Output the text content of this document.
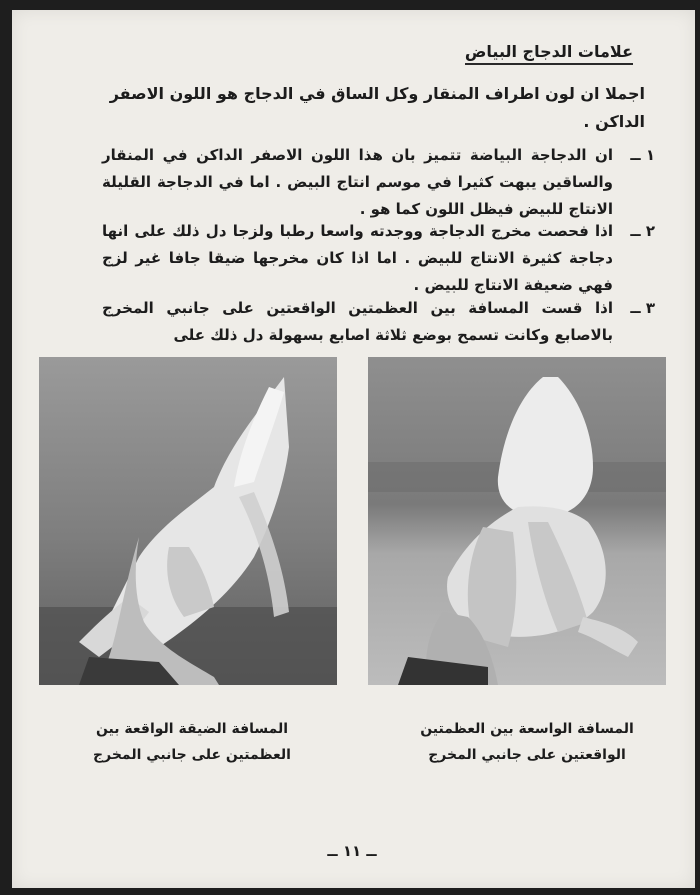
علامات الدجاج البياض
اجملا ان لون اطراف المنقار وكل الساق في الدجاج هو اللون الاصفر الداكن .
١ ــ
ان الدجاجة البياضة تتميز بان هذا اللون الاصفر الداكن في المنقار والساقين يبهت كثيرا في موسم انتاج البيض . اما في الدجاجة القليلة الانتاج للبيض فيظل اللون كما هو .
٢ ــ
اذا فحصت مخرج الدجاجة ووجدته واسعا رطبا ولزجا دل ذلك على انها دجاجة كثيرة الانتاج للبيض . اما اذا كان مخرجها ضيقا جافا غير لزج فهي ضعيفة الانتاج للبيض .
٣ ــ
اذا قست المسافة بين العظمتين الواقعتين على جانبي المخرج بالاصابع وكانت تسمح بوضع ثلاثة اصابع بسهولة دل ذلك على
المسافة الضيقة الواقعة بين العظمتين على جانبي المخرج
المسافة الواسعة بين العظمتين الواقعتين على جانبي المخرج
ــ ١١ ــ
